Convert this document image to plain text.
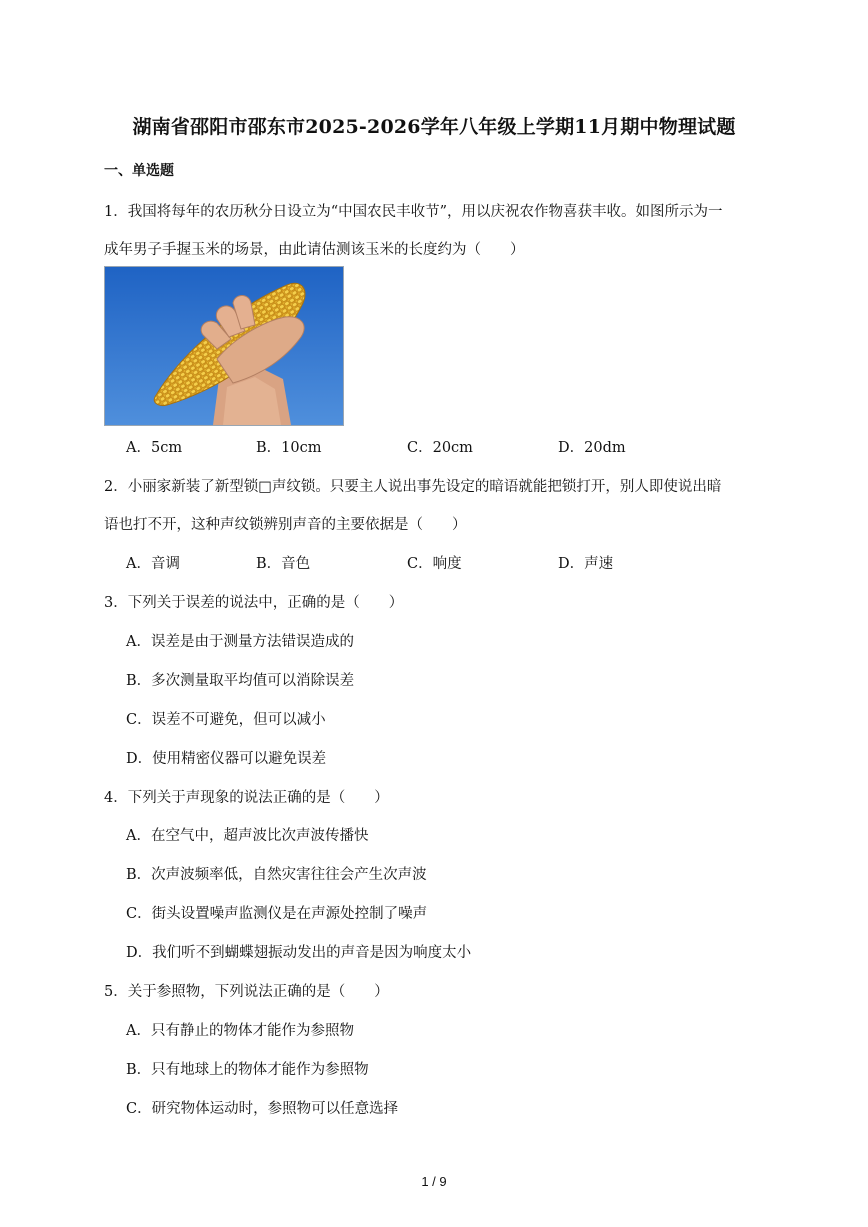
湖南省邵阳市邵东市2025-2026学年八年级上学期11月期中物理试题
一、单选题
1．我国将每年的农历秋分日设立为“中国农民丰收节”，用以庆祝农作物喜获丰收。如图所示为一
成年男子手握玉米的场景，由此请估测该玉米的长度约为（　　）
A．5cm	B．10cm	C．20cm	D．20dm
2．小丽家新装了新型锁□声纹锁。只要主人说出事先设定的暗语就能把锁打开，别人即使说出暗
语也打不开，这种声纹锁辨别声音的主要依据是（　　）
A．音调	B．音色	C．响度	D．声速
3．下列关于误差的说法中，正确的是（　　）
A．误差是由于测量方法错误造成的
B．多次测量取平均值可以消除误差
C．误差不可避免，但可以减小
D．使用精密仪器可以避免误差
4．下列关于声现象的说法正确的是（　　）
A．在空气中，超声波比次声波传播快
B．次声波频率低，自然灾害往往会产生次声波
C．街头设置噪声监测仪是在声源处控制了噪声
D．我们听不到蝴蝶翅振动发出的声音是因为响度太小
5．关于参照物，下列说法正确的是（　　）
A．只有静止的物体才能作为参照物
B．只有地球上的物体才能作为参照物
C．研究物体运动时，参照物可以任意选择
1 / 9
